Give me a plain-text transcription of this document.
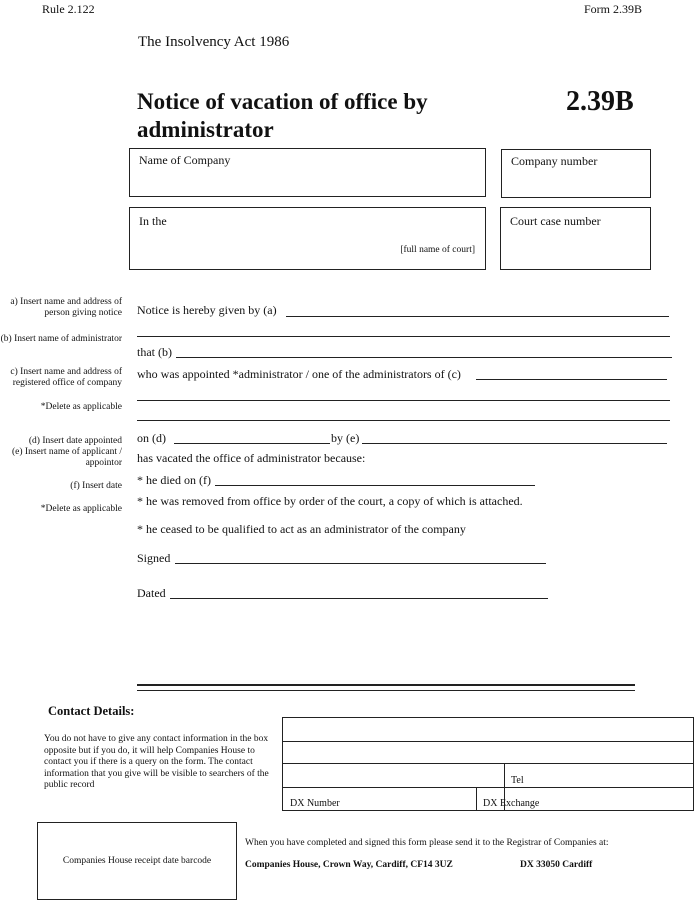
Rule 2.122	Form 2.39B
The Insolvency Act 1986
Notice of vacation of office by
administrator
2.39B
Name of Company	Company number
In the
[full name of court]
Court case number
a) Insert name and address of person giving notice
(b) Insert name of administrator
c) Insert name and address of registered office of company
*Delete as applicable
(d) Insert date appointed
(e) Insert name of applicant / appointor
(f) Insert date
*Delete as applicable
Notice is hereby given by (a)
that (b)
who was appointed *administrator / one of the administrators of (c)
on (d)	by (e)
has vacated the office of administrator because:
* he died on (f)
* he was removed from office by order of the court, a copy of which is attached.
* he ceased to be qualified to act as an administrator of the company
Signed
Dated
Contact Details:
You do not have to give any contact information in the box opposite but if you do, it will help Companies House to contact you if there is a query on the form. The contact information that you give will be visible to searchers of the public record	Tel
DX Number	DX Exchange
Companies House receipt date barcode
When you have completed and signed this form please send it to the Registrar of Companies at:
Companies House, Crown Way, Cardiff, CF14 3UZ	DX 33050 Cardiff
